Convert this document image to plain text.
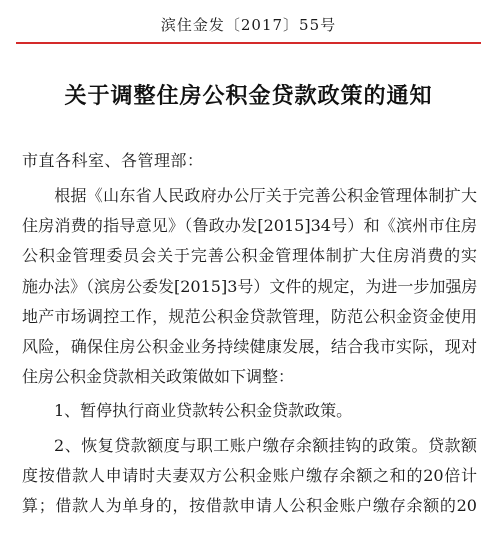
滨住金发〔2017〕55号
关于调整住房公积金贷款政策的通知
市直各科室、各管理部：
根据《山东省人民政府办公厅关于完善公积金管理体制扩大
住房消费的指导意见》（鲁政办发[2015]34号）和《滨州市住房
公积金管理委员会关于完善公积金管理体制扩大住房消费的实
施办法》（滨房公委发[2015]3号）文件的规定，为进一步加强房
地产市场调控工作，规范公积金贷款管理，防范公积金资金使用
风险，确保住房公积金业务持续健康发展，结合我市实际，现对
住房公积金贷款相关政策做如下调整：
1、暂停执行商业贷款转公积金贷款政策。
2、恢复贷款额度与职工账户缴存余额挂钩的政策。贷款额
度按借款人申请时夫妻双方公积金账户缴存余额之和的20倍计
算；借款人为单身的，按借款申请人公积金账户缴存余额的20
